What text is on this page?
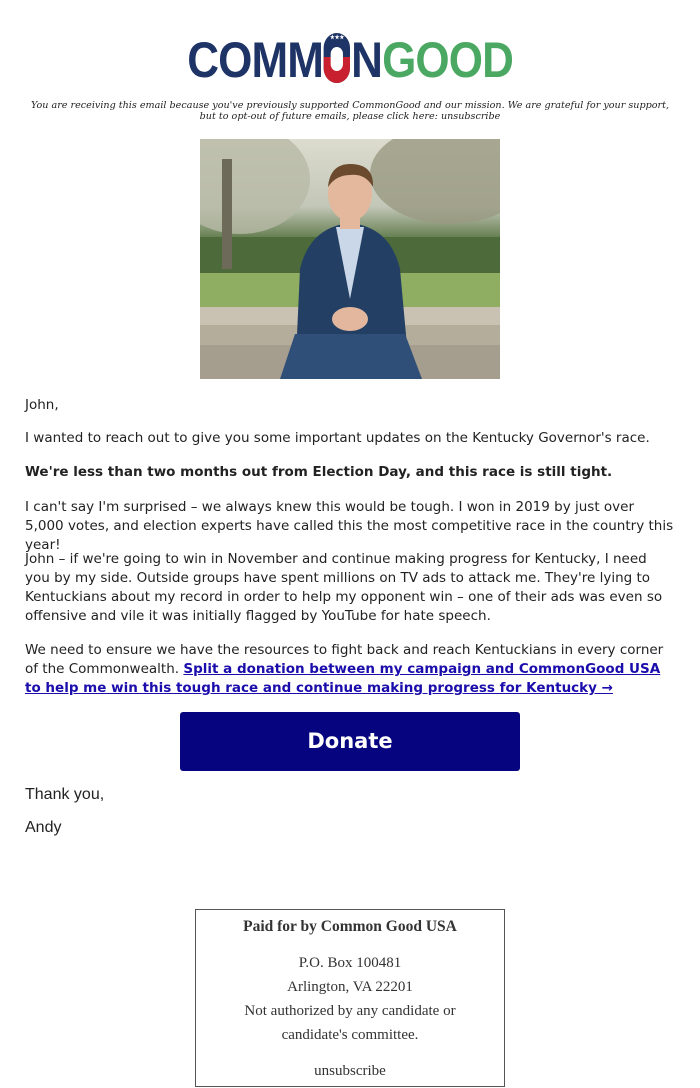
COMM	★★★ NGOOD
You are receiving this email because you've previously supported CommonGood and our mission. We are grateful for your support, but to opt-out of future emails, please click here: unsubscribe
John,
I wanted to reach out to give you some important updates on the Kentucky Governor's race.
We're less than two months out from Election Day, and this race is still tight.
I can't say I'm surprised – we always knew this would be tough. I won in 2019 by just over 5,000 votes, and election experts have called this the most competitive race in the country this year!
John – if we're going to win in November and continue making progress for Kentucky, I need you by my side. Outside groups have spent millions on TV ads to attack me. They're lying to Kentuckians about my record in order to help my opponent win – one of their ads was even so offensive and vile it was initially flagged by YouTube for hate speech.
We need to ensure we have the resources to fight back and reach Kentuckians in every corner of the Commonwealth. Split a donation between my campaign and CommonGood USA to help me win this tough race and continue making progress for Kentucky →
Donate
Thank you,
Andy
Paid for by Common Good USA
P.O. Box 100481
Arlington, VA 22201
Not authorized by any candidate or
candidate's committee.
unsubscribe
